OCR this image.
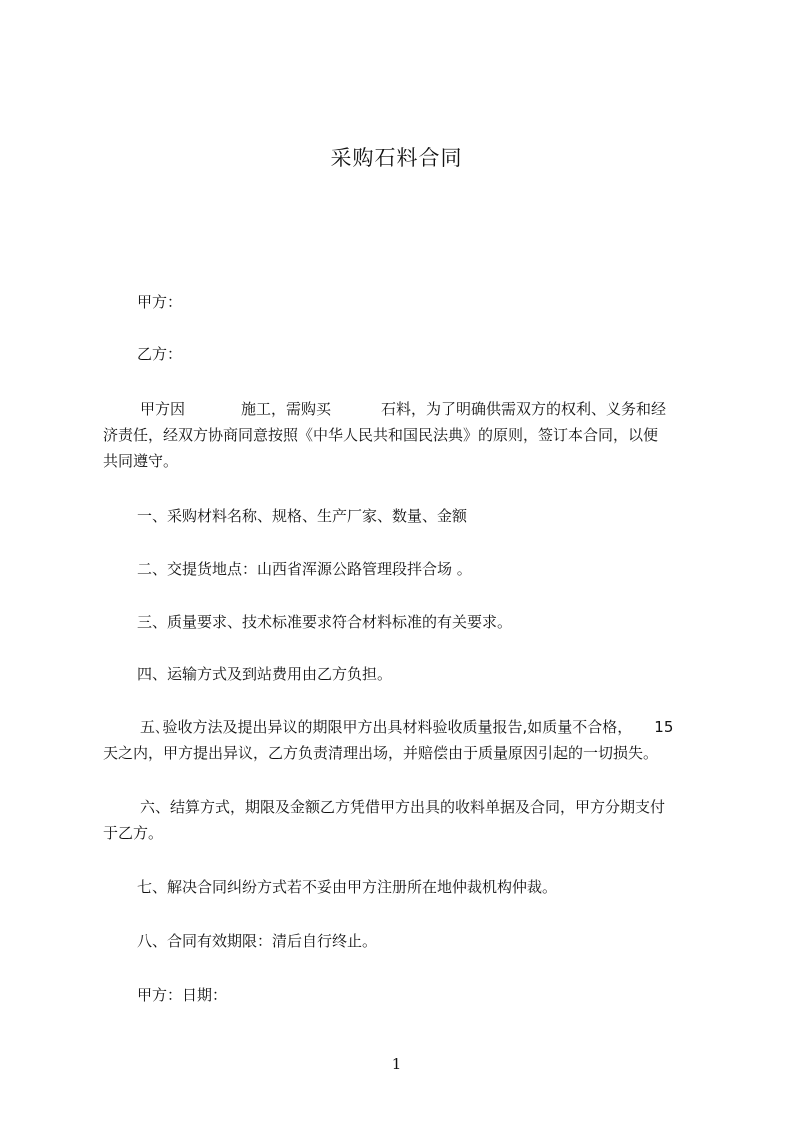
采购石料合同

甲方：

乙方：

甲方因	施工，需购买	石料，为了明确供需双方的权利、义务和经
济责任，经双方协商同意按照《中华人民共和国民法典》的原则，签订本合同，以便
共同遵守。

一、采购材料名称、规格、生产厂家、数量、金额

二、交提货地点：山西省浑源公路管理段拌合场 。

三、质量要求、技术标准要求符合材料标准的有关要求。

四、运输方式及到站费用由乙方负担。

五､验收方法及提出异议的期限甲方出具材料验收质量报告,如质量不合格， 15
天之内，甲方提出异议，乙方负责清理出场，并赔偿由于质量原因引起的一切损失。
六、结算方式，期限及金额乙方凭借甲方出具的收料单据及合同，甲方分期支付
于乙方。

七、解决合同纠纷方式若不妥由甲方注册所在地仲裁机构仲裁。

八、合同有效期限：清后自行终止。

甲方：日期：

1
